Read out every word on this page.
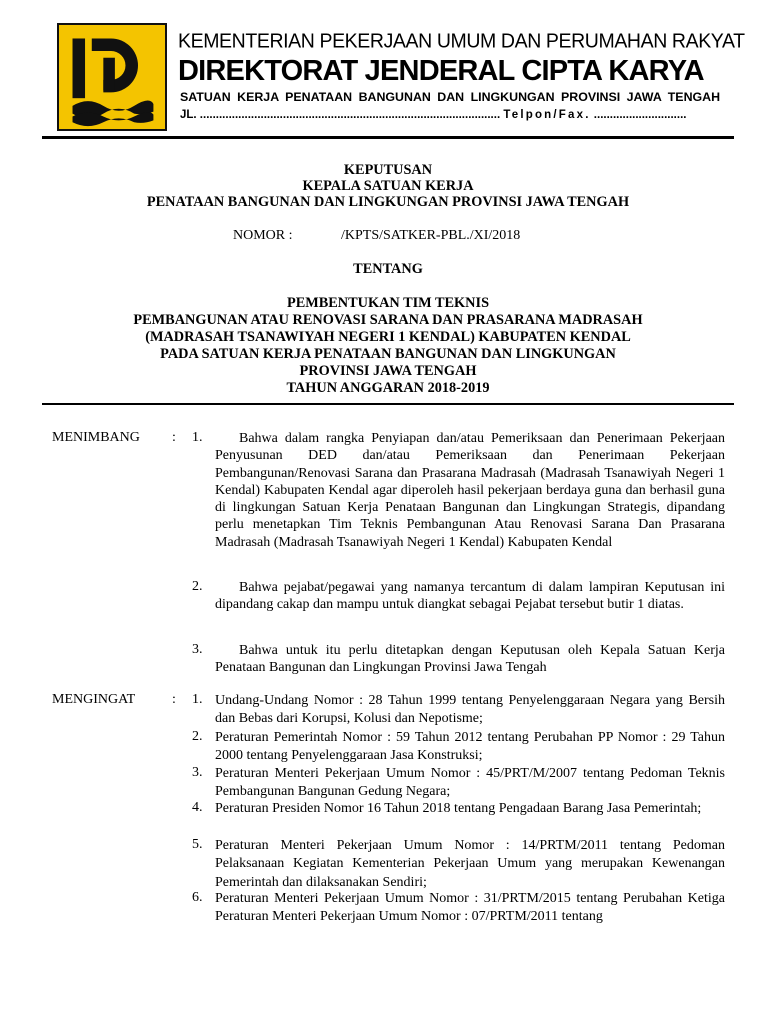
KEMENTERIAN PEKERJAAN UMUM DAN PERUMAHAN RAKYAT
DIREKTORAT JENDERAL CIPTA KARYA
SATUAN KERJA PENATAAN BANGUNAN DAN LINGKUNGAN PROVINSI JAWA TENGAH
JL. .............................................................................................. Telpon/Fax. .............................
KEPUTUSAN
KEPALA SATUAN KERJA
PENATAAN BANGUNAN DAN LINGKUNGAN PROVINSI JAWA TENGAH
NOMOR :	/KPTS/SATKER-PBL./XI/2018
TENTANG
PEMBENTUKAN TIM TEKNIS
PEMBANGUNAN ATAU RENOVASI SARANA DAN PRASARANA MADRASAH
(MADRASAH TSANAWIYAH NEGERI 1 KENDAL) KABUPATEN KENDAL
PADA SATUAN KERJA PENATAAN BANGUNAN DAN LINGKUNGAN
PROVINSI JAWA TENGAH
TAHUN ANGGARAN 2018-2019
MENIMBANG : 1.	Bahwa dalam rangka Penyiapan dan/atau Pemeriksaan dan Penerimaan Pekerjaan Penyusunan DED dan/atau Pemeriksaan dan Penerimaan Pekerjaan Pembangunan/Renovasi Sarana dan Prasarana Madrasah (Madrasah Tsanawiyah Negeri 1 Kendal) Kabupaten Kendal agar diperoleh hasil pekerjaan berdaya guna dan berhasil guna di lingkungan Satuan Kerja Penataan Bangunan dan Lingkungan Strategis, dipandang perlu menetapkan Tim Teknis Pembangunan Atau Renovasi Sarana Dan Prasarana Madrasah (Madrasah Tsanawiyah Negeri 1 Kendal) Kabupaten Kendal
2.	Bahwa pejabat/pegawai yang namanya tercantum di dalam lampiran Keputusan ini dipandang cakap dan mampu untuk diangkat sebagai Pejabat tersebut butir 1 diatas.
3.	Bahwa untuk itu perlu ditetapkan dengan Keputusan oleh Kepala Satuan Kerja Penataan Bangunan dan Lingkungan Provinsi Jawa Tengah
MENGINGAT	: 1. Undang-Undang Nomor : 28 Tahun 1999 tentang Penyelenggaraan Negara yang Bersih dan Bebas dari Korupsi, Kolusi dan Nepotisme;
2. Peraturan Pemerintah Nomor : 59 Tahun 2012 tentang Perubahan PP Nomor : 29 Tahun 2000 tentang Penyelenggaraan Jasa Konstruksi;
3. Peraturan Menteri Pekerjaan Umum Nomor : 45/PRT/M/2007 tentang Pedoman Teknis Pembangunan Bangunan Gedung Negara;
4. Peraturan Presiden Nomor 16 Tahun 2018 tentang Pengadaan Barang Jasa Pemerintah;
5. Peraturan Menteri Pekerjaan Umum Nomor : 14/PRTM/2011 tentang Pedoman Pelaksanaan Kegiatan Kementerian Pekerjaan Umum yang merupakan Kewenangan Pemerintah dan dilaksanakan Sendiri;
6. Peraturan Menteri Pekerjaan Umum Nomor : 31/PRTM/2015 tentang Perubahan Ketiga Peraturan Menteri Pekerjaan Umum Nomor : 07/PRTM/2011 tentang
